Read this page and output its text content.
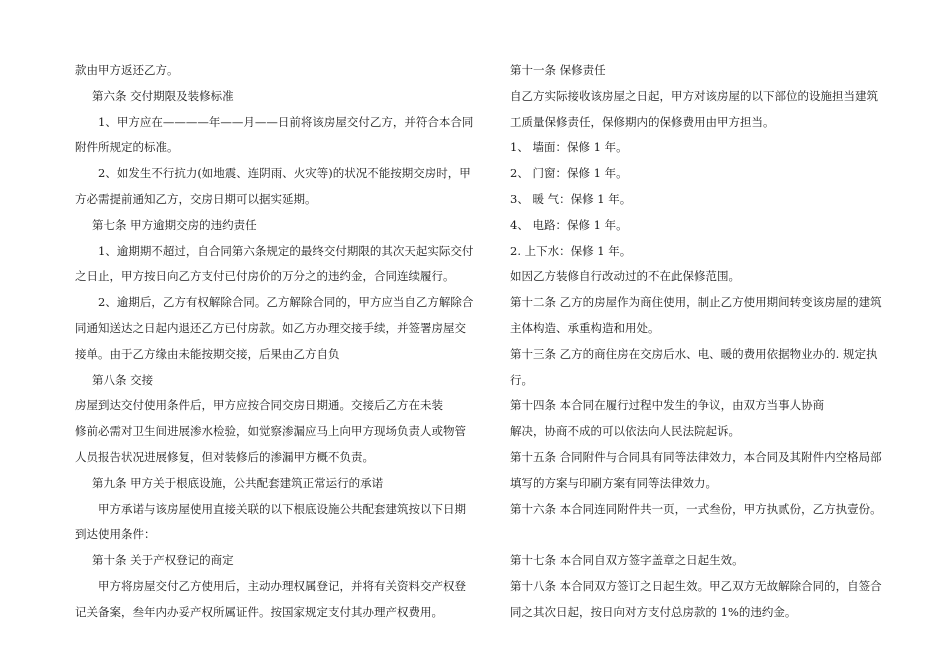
款由甲方返还乙方。
第六条 交付期限及装修标准
1、甲方应在————年——月——日前将该房屋交付乙方，并符合本合同
附件所规定的标准。
2、如发生不行抗力(如地震、连阴雨、火灾等)的状况不能按期交房时，甲
方必需提前通知乙方，交房日期可以据实延期。
第七条 甲方逾期交房的违约责任
1、逾期期不超过，自合同第六条规定的最终交付期限的其次天起实际交付
之日止，甲方按日向乙方支付已付房价的万分之的违约金，合同连续履行。
2、逾期后，乙方有权解除合同。乙方解除合同的，甲方应当自乙方解除合
同通知送达之日起内退还乙方已付房款。如乙方办理交接手续，并签署房屋交
接单。由于乙方缘由未能按期交接，后果由乙方自负
第八条 交接
房屋到达交付使用条件后，甲方应按合同交房日期通。交接后乙方在未装
修前必需对卫生间进展渗水检验，如觉察渗漏应马上向甲方现场负责人或物管
人员报告状况进展修复，但对装修后的渗漏甲方概不负责。
第九条 甲方关于根底设施，公共配套建筑正常运行的承诺
甲方承诺与该房屋使用直接关联的以下根底设施公共配套建筑按以下日期
到达使用条件：
第十条 关于产权登记的商定
甲方将房屋交付乙方使用后，主动办理权属登记，并将有关资料交产权登
记关备案，叁年内办妥产权所属证件。按国家规定支付其办理产权费用。
第十一条 保修责任
自乙方实际接收该房屋之日起，甲方对该房屋的以下部位的设施担当建筑
工质量保修责任，保修期内的保修费用由甲方担当。
1、 墙面：保修 1 年。
2、 门窗：保修 1 年。
3、 暖 气：保修 1 年。
4、 电路：保修 1 年。
2. 上下水：保修 1 年。
如因乙方装修自行改动过的不在此保修范围。
第十二条 乙方的房屋作为商住使用，制止乙方使用期间转变该房屋的建筑
主体构造、承重构造和用处。
第十三条 乙方的商住房在交房后水、电、暖的费用依据物业办的. 规定执
行。
第十四条 本合同在履行过程中发生的争议，由双方当事人协商
解决，协商不成的可以依法向人民法院起诉。
第十五条 合同附件与合同具有同等法律效力，本合同及其附件内空格局部
填写的方案与印刷方案有同等法律效力。
第十六条 本合同连同附件共一页，一式叁份，甲方执贰份，乙方执壹份。
第十七条 本合同自双方签字盖章之日起生效。
第十八条 本合同双方签订之日起生效。甲乙双方无故解除合同的，自签合
同之其次日起，按日向对方支付总房款的 1%的违约金。
